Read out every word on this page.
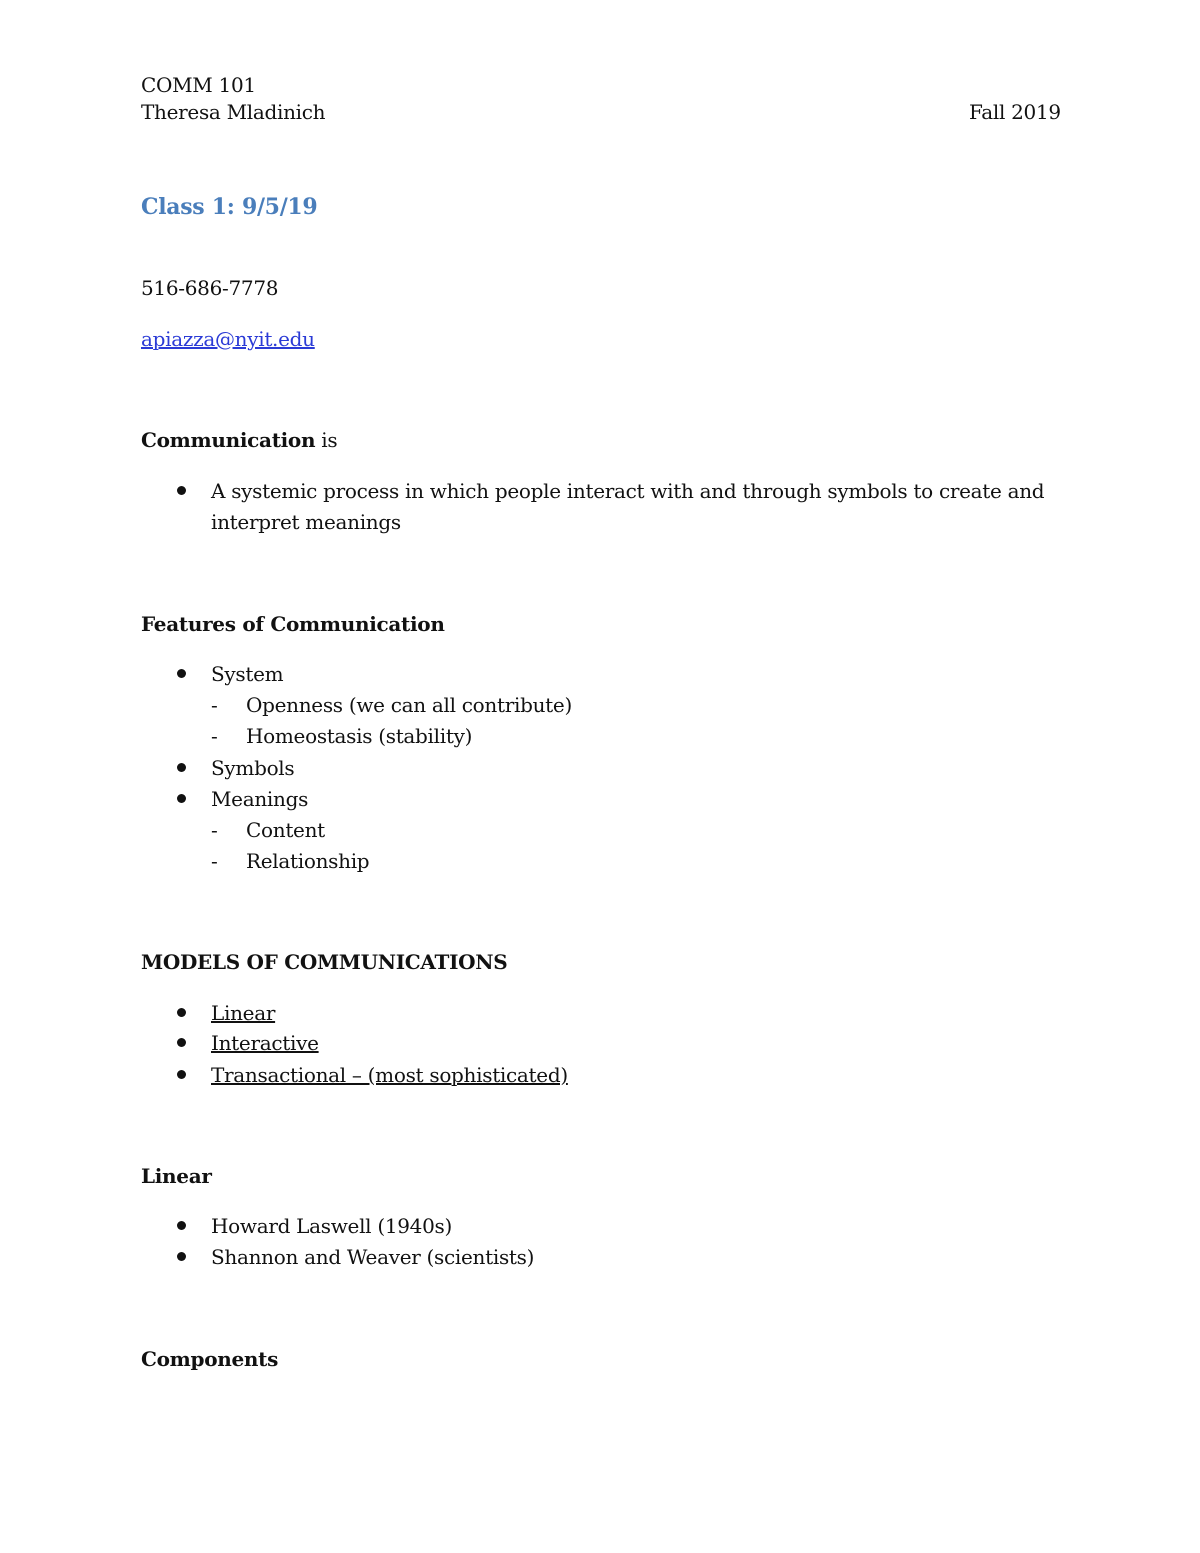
COMM 101
Theresa Mladinich	Fall 2019
Class 1: 9/5/19
516-686-7778
apiazza@nyit.edu
Communication is
A systemic process in which people interact with and through symbols to create and
interpret meanings
Features of Communication
System
- Openness (we can all contribute)
- Homeostasis (stability)
Symbols
Meanings
- Content
- Relationship
MODELS OF COMMUNICATIONS
Linear
Interactive
Transactional – (most sophisticated)
Linear
Howard Laswell (1940s)
Shannon and Weaver (scientists)
Components
